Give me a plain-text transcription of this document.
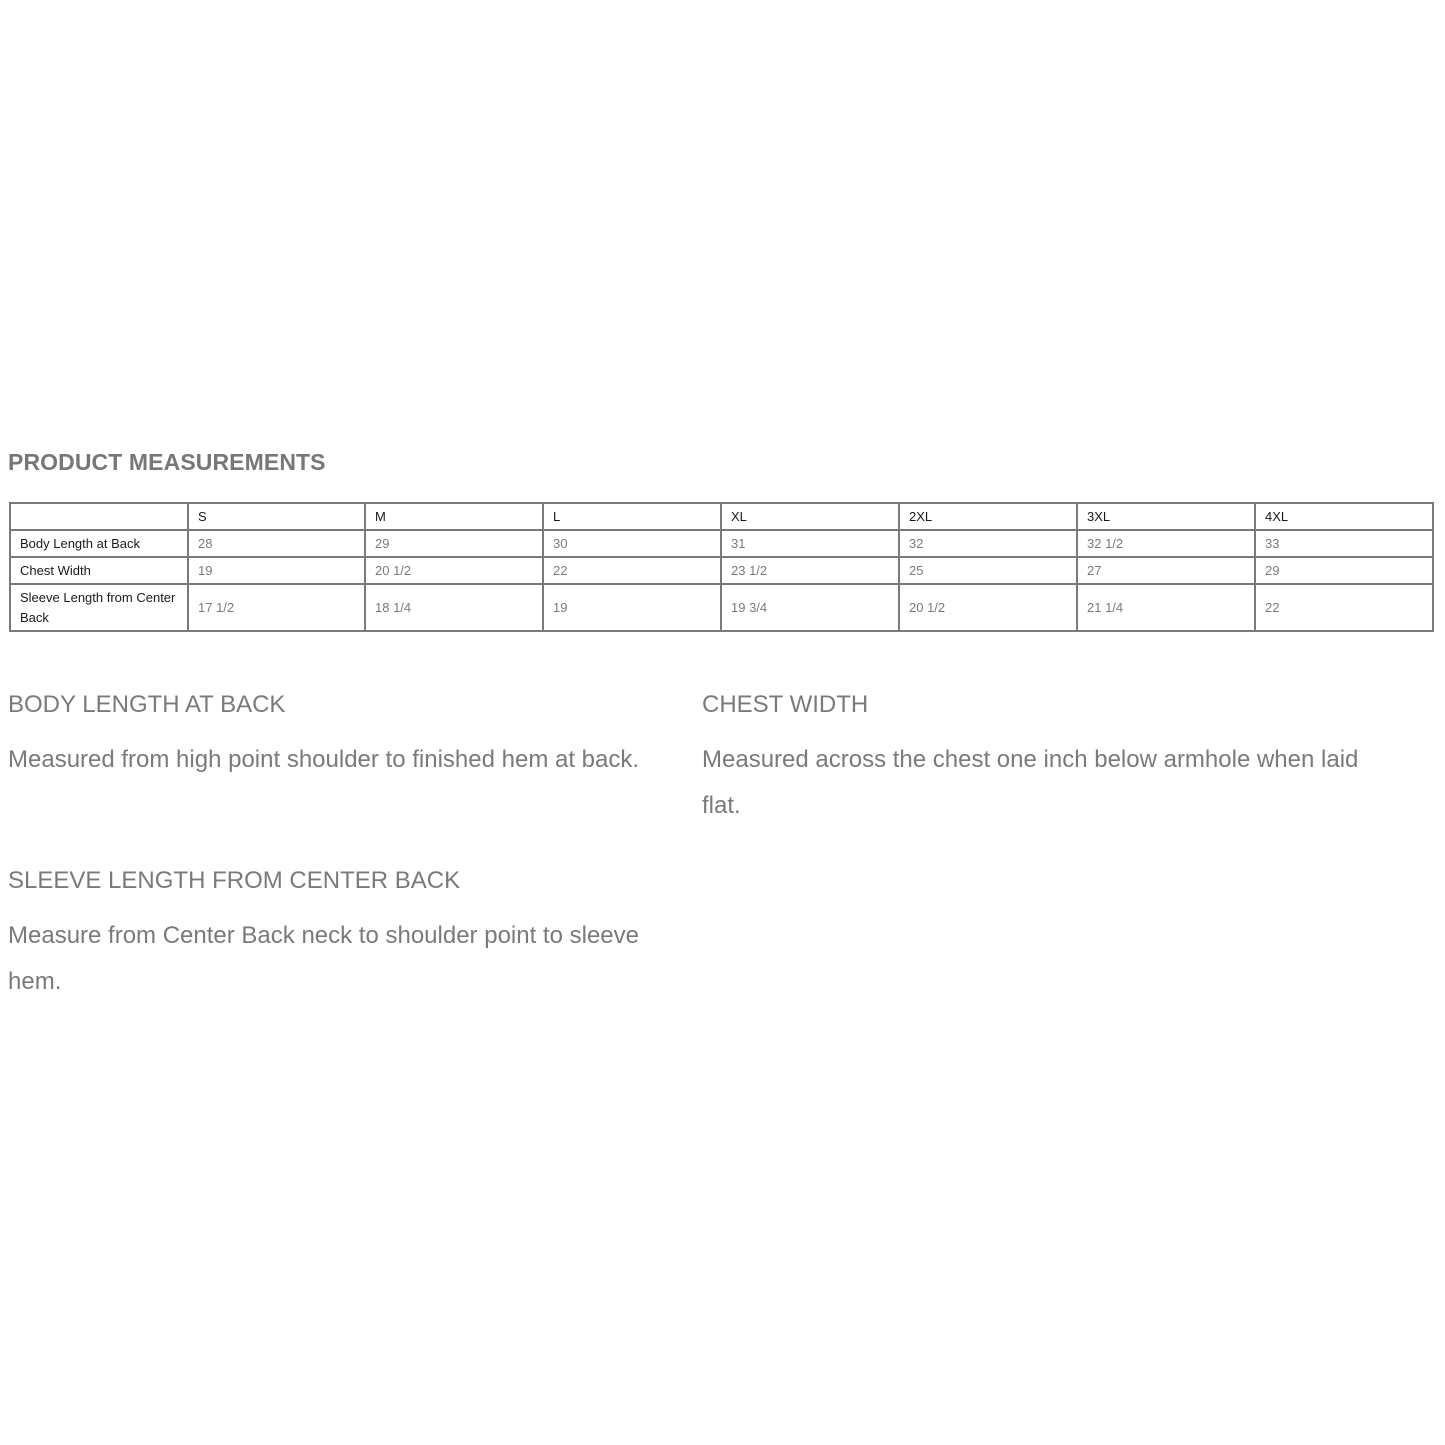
PRODUCT MEASUREMENTS
	S	M	L	XL	2XL	3XL	4XL
Body Length at Back	28	29	30	31	32	32 1/2	33
Chest Width	19	20 1/2	22	23 1/2	25	27	29
Sleeve Length from Center Back	17 1/2	18 1/4	19	19 3/4	20 1/2	21 1/4	22
BODY LENGTH AT BACK

Measured from high point shoulder to finished hem at back.

CHEST WIDTH

Measured across the chest one inch below armhole when laid flat.

SLEEVE LENGTH FROM CENTER BACK

Measure from Center Back neck to shoulder point to sleeve hem.
